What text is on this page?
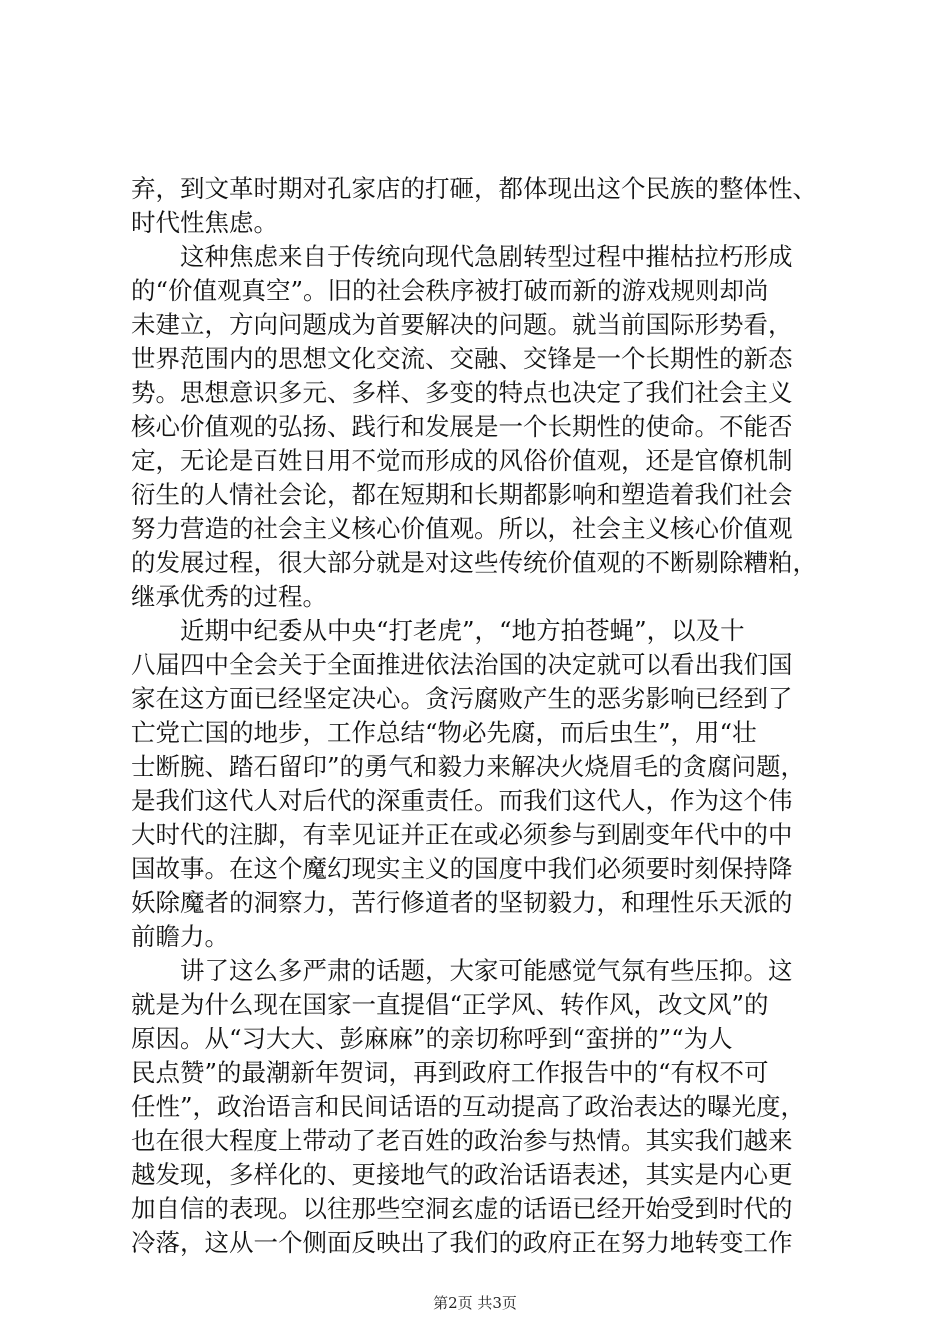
弃，到文革时期对孔家店的打砸，都体现出这个民族的整体性、
时代性焦虑。
　　这种焦虑来自于传统向现代急剧转型过程中摧枯拉朽形成
的“价值观真空”。旧的社会秩序被打破而新的游戏规则却尚
未建立，方向问题成为首要解决的问题。就当前国际形势看，
世界范围内的思想文化交流、交融、交锋是一个长期性的新态
势。思想意识多元、多样、多变的特点也决定了我们社会主义
核心价值观的弘扬、践行和发展是一个长期性的使命。不能否
定，无论是百姓日用不觉而形成的风俗价值观，还是官僚机制
衍生的人情社会论，都在短期和长期都影响和塑造着我们社会
努力营造的社会主义核心价值观。所以，社会主义核心价值观
的发展过程，很大部分就是对这些传统价值观的不断剔除糟粕，
继承优秀的过程。
　　近期中纪委从中央“打老虎”，“地方拍苍蝇”，以及十
八届四中全会关于全面推进依法治国的决定就可以看出我们国
家在这方面已经坚定决心。贪污腐败产生的恶劣影响已经到了
亡党亡国的地步，工作总结“物必先腐，而后虫生”，用“壮
士断腕、踏石留印”的勇气和毅力来解决火烧眉毛的贪腐问题，
是我们这代人对后代的深重责任。而我们这代人，作为这个伟
大时代的注脚，有幸见证并正在或必须参与到剧变年代中的中
国故事。在这个魔幻现实主义的国度中我们必须要时刻保持降
妖除魔者的洞察力，苦行修道者的坚韧毅力，和理性乐天派的
前瞻力。
　　讲了这么多严肃的话题，大家可能感觉气氛有些压抑。这
就是为什么现在国家一直提倡“正学风、转作风，改文风”的
原因。从“习大大、彭麻麻”的亲切称呼到“蛮拼的”“为人
民点赞”的最潮新年贺词，再到政府工作报告中的“有权不可
任性”，政治语言和民间话语的互动提高了政治表达的曝光度，
也在很大程度上带动了老百姓的政治参与热情。其实我们越来
越发现，多样化的、更接地气的政治话语表述，其实是内心更
加自信的表现。以往那些空洞玄虚的话语已经开始受到时代的
冷落，这从一个侧面反映出了我们的政府正在努力地转变工作
第2页 共3页
